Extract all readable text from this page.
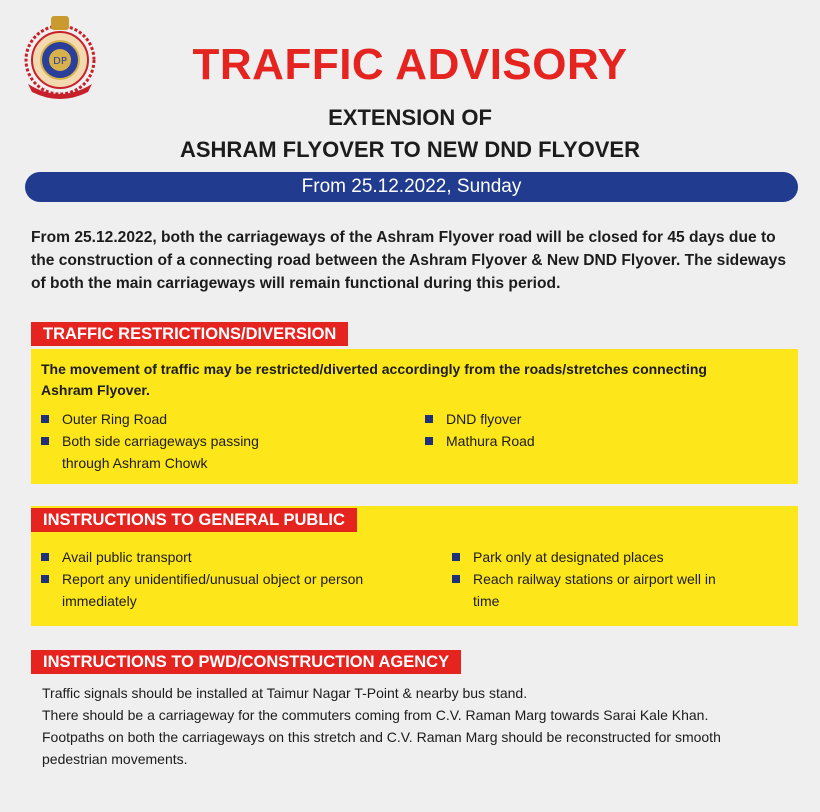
DP	TRAFFIC ADVISORY
EXTENSION OF
ASHRAM FLYOVER TO NEW DND FLYOVER
From 25.12.2022, Sunday
From 25.12.2022, both the carriageways of the Ashram Flyover road will be closed for 45 days due to the construction of a connecting road between the Ashram Flyover & New DND Flyover. The sideways of both the main carriageways will remain functional during this period.
TRAFFIC RESTRICTIONS/DIVERSION
The movement of traffic may be restricted/diverted accordingly from the roads/stretches connecting Ashram Flyover.
Outer Ring Road
Both side carriageways passing through Ashram Chowk
DND flyover
Mathura Road
INSTRUCTIONS TO GENERAL PUBLIC
Avail public transport
Report any unidentified/unusual object or person immediately
Park only at designated places
Reach railway stations or airport well in time
INSTRUCTIONS TO PWD/CONSTRUCTION AGENCY

Traffic signals should be installed at Taimur Nagar T-Point & nearby bus stand.

There should be a carriageway for the commuters coming from C.V. Raman Marg towards Sarai Kale Khan.

Footpaths on both the carriageways on this stretch and C.V. Raman Marg should be reconstructed for smooth pedestrian movements.
